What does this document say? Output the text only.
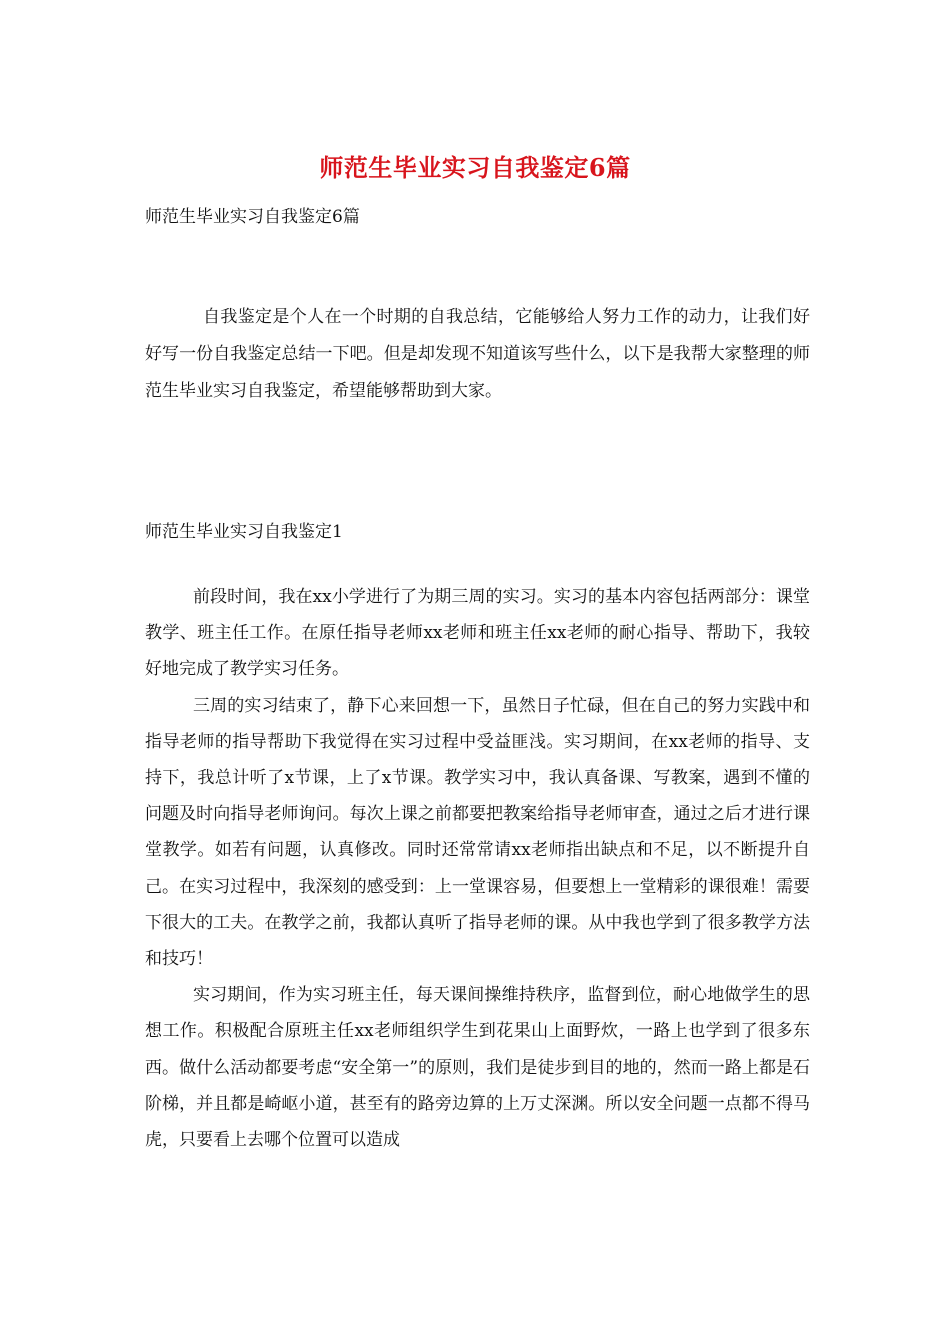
师范生毕业实习自我鉴定6篇
师范生毕业实习自我鉴定6篇
自我鉴定是个人在一个时期的自我总结，它能够给人努力工作的动力，让我们好好写一份自我鉴定总结一下吧。但是却发现不知道该写些什么，以下是我帮大家整理的师范生毕业实习自我鉴定，希望能够帮助到大家。
师范生毕业实习自我鉴定1

前段时间，我在xx小学进行了为期三周的实习。实习的基本内容包括两部分：课堂教学、班主任工作。在原任指导老师xx老师和班主任xx老师的耐心指导、帮助下，我较好地完成了教学实习任务。

三周的实习结束了，静下心来回想一下，虽然日子忙碌，但在自己的努力实践中和指导老师的指导帮助下我觉得在实习过程中受益匪浅。实习期间，在xx老师的指导、支持下，我总计听了x节课，上了x节课。教学实习中，我认真备课、写教案，遇到不懂的问题及时向指导老师询问。每次上课之前都要把教案给指导老师审查，通过之后才进行课堂教学。如若有问题，认真修改。同时还常常请xx老师指出缺点和不足，以不断提升自己。在实习过程中，我深刻的感受到：上一堂课容易，但要想上一堂精彩的课很难！需要下很大的工夫。在教学之前，我都认真听了指导老师的课。从中我也学到了很多教学方法和技巧！

实习期间，作为实习班主任，每天课间操维持秩序，监督到位，耐心地做学生的思想工作。积极配合原班主任xx老师组织学生到花果山上面野炊，一路上也学到了很多东西。做什么活动都要考虑“安全第一”的原则，我们是徒步到目的地的，然而一路上都是石阶梯，并且都是崎岖小道，甚至有的路旁边算的上万丈深渊。所以安全问题一点都不得马虎，只要看上去哪个位置可以造成
